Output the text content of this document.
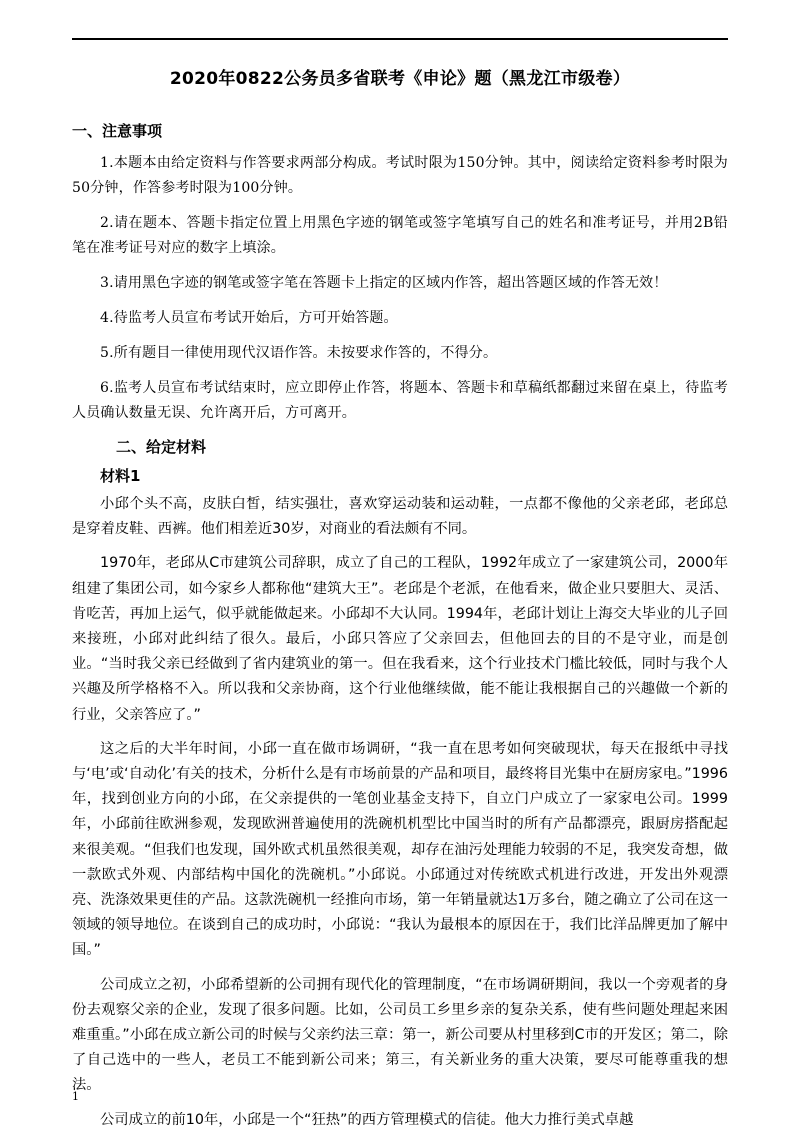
2020年0822公务员多省联考《申论》题（黑龙江市级卷）
一、注意事项

1.本题本由给定资料与作答要求两部分构成。考试时限为150分钟。其中，阅读给定资料参考时限为50分钟，作答参考时限为100分钟。

2.请在题本、答题卡指定位置上用黑色字迹的钢笔或签字笔填写自己的姓名和准考证号，并用2B铅笔在准考证号对应的数字上填涂。

3.请用黑色字迹的钢笔或签字笔在答题卡上指定的区域内作答，超出答题区域的作答无效！

4.待监考人员宣布考试开始后，方可开始答题。

5.所有题目一律使用现代汉语作答。未按要求作答的，不得分。

6.监考人员宣布考试结束时，应立即停止作答，将题本、答题卡和草稿纸都翻过来留在桌上，待监考人员确认数量无误、允许离开后，方可离开。

二、给定材料
材料1

小邱个头不高，皮肤白皙，结实强壮，喜欢穿运动装和运动鞋，一点都不像他的父亲老邱，老邱总是穿着皮鞋、西裤。他们相差近30岁，对商业的看法颇有不同。

1970年，老邱从C市建筑公司辞职，成立了自己的工程队，1992年成立了一家建筑公司，2000年组建了集团公司，如今家乡人都称他“建筑大王”。老邱是个老派，在他看来，做企业只要胆大、灵活、肯吃苦，再加上运气，似乎就能做起来。小邱却不大认同。1994年，老邱计划让上海交大毕业的儿子回来接班，小邱对此纠结了很久。最后，小邱只答应了父亲回去，但他回去的目的不是守业，而是创业。“当时我父亲已经做到了省内建筑业的第一。但在我看来，这个行业技术门槛比较低，同时与我个人兴趣及所学格格不入。所以我和父亲协商，这个行业他继续做，能不能让我根据自己的兴趣做一个新的行业，父亲答应了。”

这之后的大半年时间，小邱一直在做市场调研，“我一直在思考如何突破现状，每天在报纸中寻找与‘电’或‘自动化’有关的技术，分析什么是有市场前景的产品和项目，最终将目光集中在厨房家电。”1996年，找到创业方向的小邱，在父亲提供的一笔创业基金支持下，自立门户成立了一家家电公司。1999年，小邱前往欧洲参观，发现欧洲普遍使用的洗碗机机型比中国当时的所有产品都漂亮，跟厨房搭配起来很美观。“但我们也发现，国外欧式机虽然很美观，却存在油污处理能力较弱的不足，我突发奇想，做一款欧式外观、内部结构中国化的洗碗机。”小邱说。小邱通过对传统欧式机进行改进，开发出外观漂亮、洗涤效果更佳的产品。这款洗碗机一经推向市场，第一年销量就达1万多台，随之确立了公司在这一领域的领导地位。在谈到自己的成功时，小邱说：“我认为最根本的原因在于，我们比洋品牌更加了解中国。”

公司成立之初，小邱希望新的公司拥有现代化的管理制度，“在市场调研期间，我以一个旁观者的身份去观察父亲的企业，发现了很多问题。比如，公司员工乡里乡亲的复杂关系，使有些问题处理起来困难重重。”小邱在成立新公司的时候与父亲约法三章：第一，新公司要从村里移到C市的开发区；第二，除了自己选中的一些人，老员工不能到新公司来；第三，有关新业务的重大决策，要尽可能尊重我的想法。

公司成立的前10年，小邱是一个“狂热”的西方管理模式的信徒。他大力推行美式卓越

1
